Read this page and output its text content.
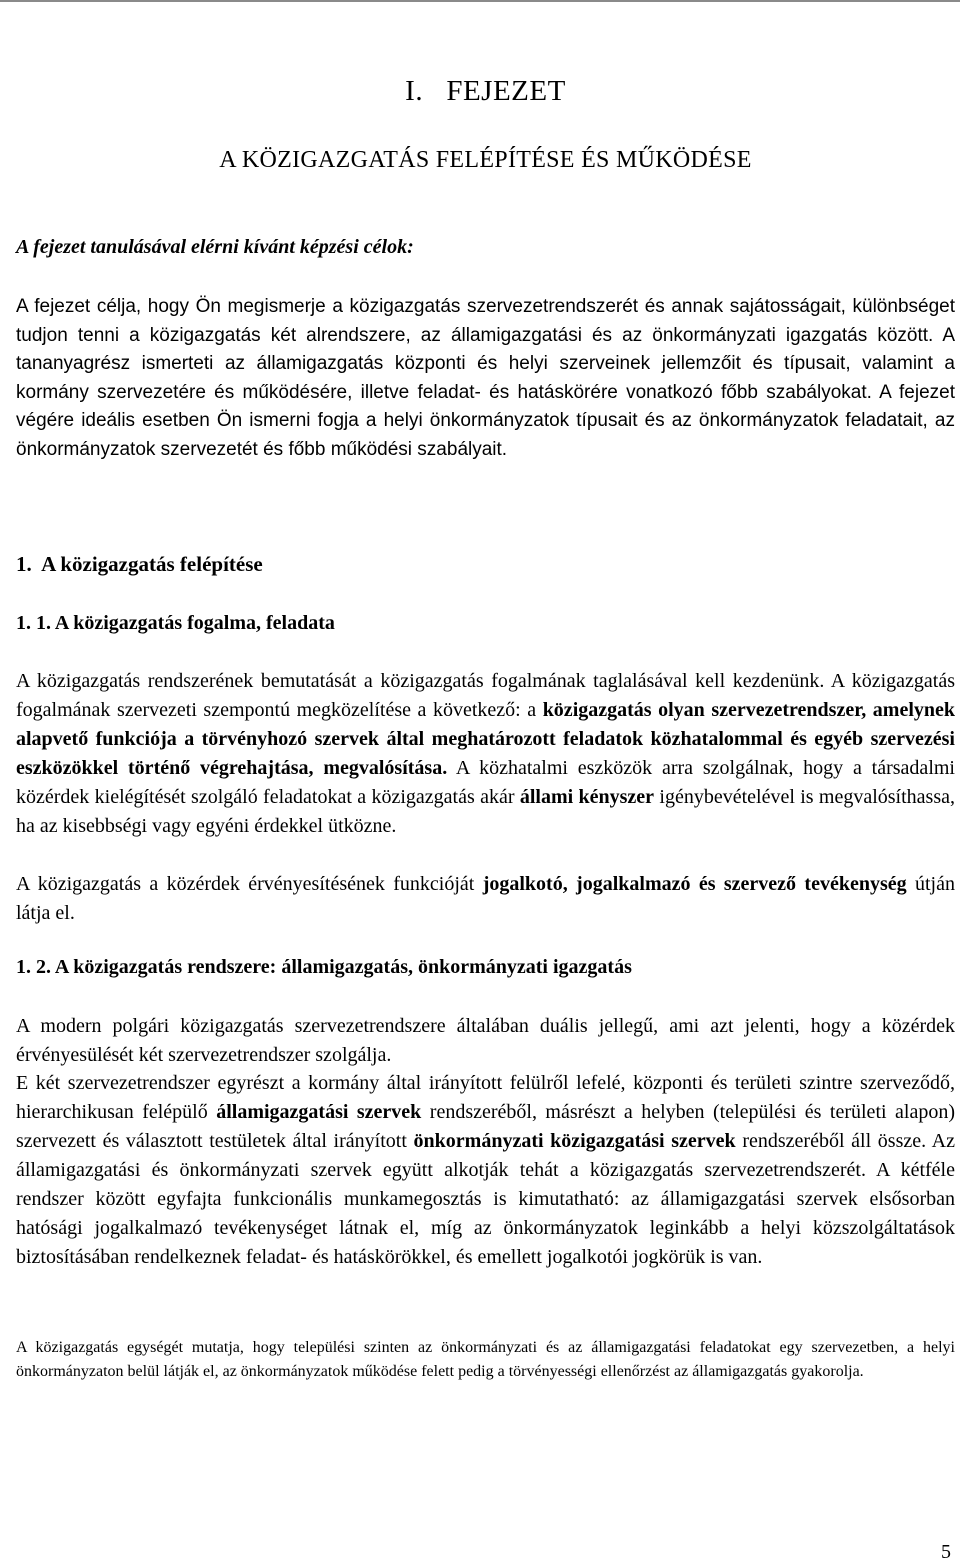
I.   FEJEZET
A KÖZIGAZGATÁS FELÉPÍTÉSE ÉS MŰKÖDÉSE
A fejezet tanulásával elérni kívánt képzési célok:

A fejezet célja, hogy Ön megismerje a közigazgatás szervezetrendszerét és annak sajátosságait, különbséget tudjon tenni a közigazgatás két alrendszere, az államigazgatási és az önkormányzati igazgatás között. A tananyagrész ismerteti az államigazgatás központi és helyi szerveinek jellemzőit és típusait, valamint a kormány szervezetére és működésére, illetve feladat- és hatáskörére vonatkozó főbb szabályokat. A fejezet végére ideális esetben Ön ismerni fogja a helyi önkormányzatok típusait és az önkormányzatok feladatait, az önkormányzatok szervezetét és főbb működési szabályait.

1.  A közigazgatás felépítése
1. 1. A közigazgatás fogalma, feladata

A közigazgatás rendszerének bemutatását a közigazgatás fogalmának taglalásával kell kezdenünk. A közigazgatás fogalmának szervezeti szempontú megközelítése a következő: a közigazgatás olyan szervezetrendszer, amelynek alapvető funkciója a törvényhozó szervek által meghatározott feladatok közhatalommal és egyéb szervezési eszközökkel történő végrehajtása, megvalósítása. A közhatalmi eszközök arra szolgálnak, hogy a társadalmi közérdek kielégítését szolgáló feladatokat a közigazgatás akár állami kényszer igénybevételével is megvalósíthassa, ha az kisebbségi vagy egyéni érdekkel ütközne.

A közigazgatás a közérdek érvényesítésének funkcióját jogalkotó, jogalkalmazó és szervező tevékenység útján látja el.

1. 2. A közigazgatás rendszere: államigazgatás, önkormányzati igazgatás

A modern polgári közigazgatás szervezetrendszere általában duális jellegű, ami azt jelenti, hogy a közérdek érvényesülését két szervezetrendszer szolgálja.

E két szervezetrendszer egyrészt a kormány által irányított felülről lefelé, központi és területi szintre szerveződő, hierarchikusan felépülő államigazgatási szervek rendszeréből, másrészt a helyben (települési és területi alapon) szervezett és választott testületek által irányított önkormányzati közigazgatási szervek rendszeréből áll össze. Az államigazgatási és önkormányzati szervek együtt alkotják tehát a közigazgatás szervezetrendszerét. A kétféle rendszer között egyfajta funkcionális munkamegosztás is kimutatható: az államigazgatási szervek elsősorban hatósági jogalkalmazó tevékenységet látnak el, míg az önkormányzatok leginkább a helyi közszolgáltatások biztosításában rendelkeznek feladat- és hatáskörökkel, és emellett jogalkotói jogkörük is van.

A közigazgatás egységét mutatja, hogy települési szinten az önkormányzati és az államigazgatási feladatokat egy szervezetben, a helyi önkormányzaton belül látják el, az önkormányzatok működése felett pedig a törvényességi ellenőrzést az államigazgatás gyakorolja.

5
